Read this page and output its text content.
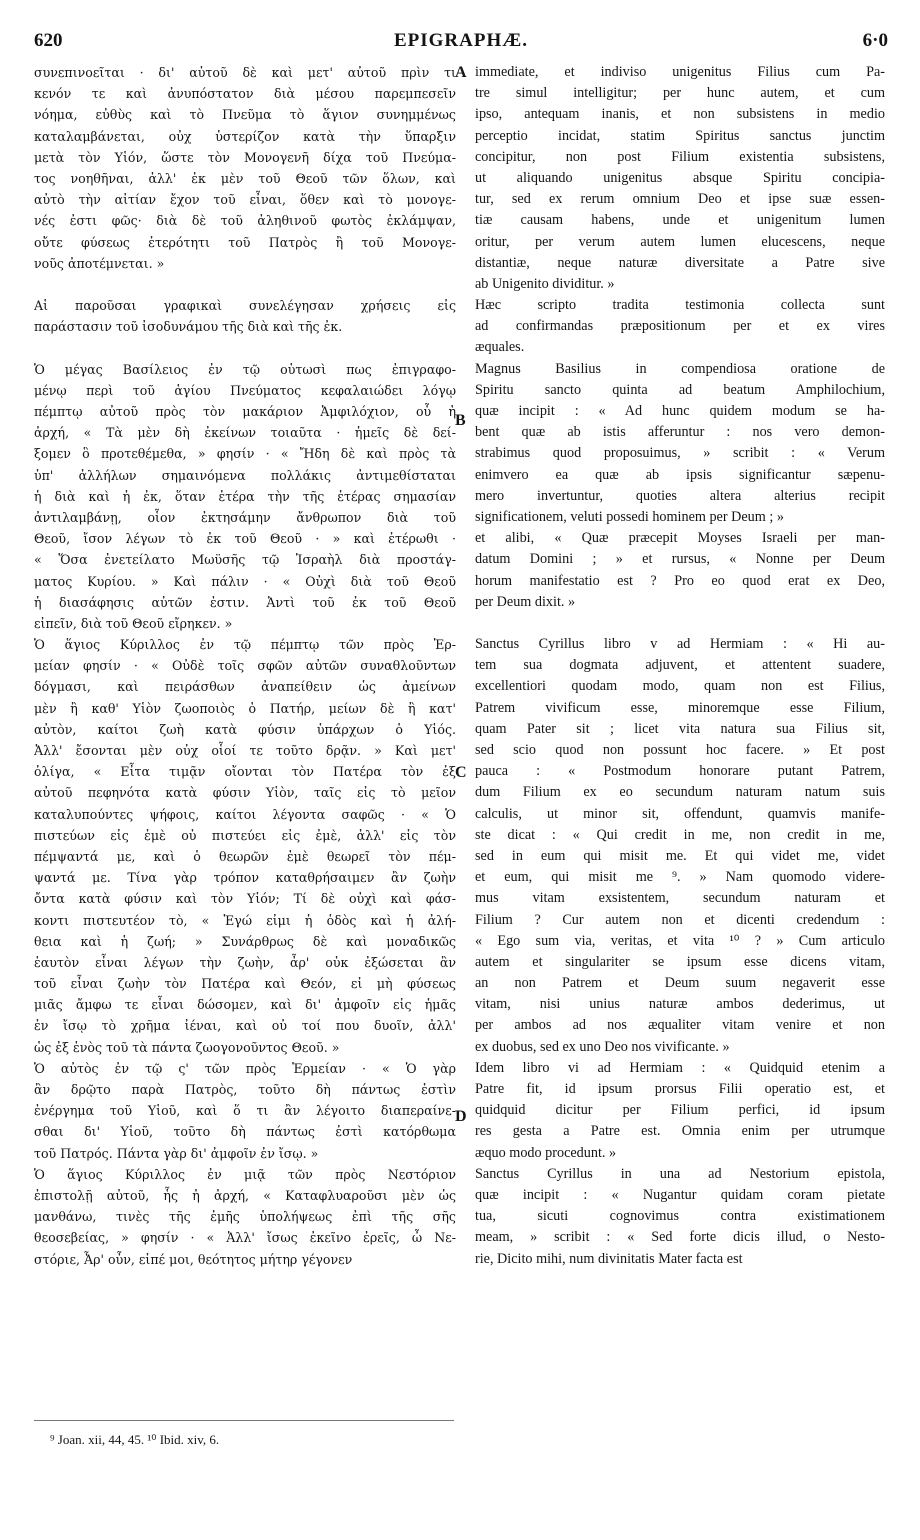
620	EPIGRAPHÆ.	6·0
συνεπινοεῖται · δι' αὐτοῦ δὲ καὶ μετ' αὐτοῦ πρὶν τι
κενόν τε καὶ ἀνυπόστατον διὰ μέσου παρεμπεσεῖν
νόημα, εὐθὺς καὶ τὸ Πνεῦμα τὸ ἅγιον συνημμένως
καταλαμβάνεται, οὐχ ὑστερίζον κατὰ τὴν ὕπαρξιν
μετὰ τὸν Υἱόν, ὥστε τὸν Μονογενῆ δίχα τοῦ Πνεύμα-
τος νοηθῆναι, ἀλλ' ἐκ μὲν τοῦ Θεοῦ τῶν ὅλων, καὶ
αὐτὸ τὴν αἰτίαν ἔχον τοῦ εἶναι, ὅθεν καὶ τὸ μονογε-
νές ἐστι φῶς· διὰ δὲ τοῦ ἀληθινοῦ φωτὸς ἐκλάμψαν,
οὔτε φύσεως ἑτερότητι τοῦ Πατρὸς ἢ τοῦ Μονογε-
νοῦς ἀποτέμνεται. »
Αἱ παροῦσαι γραφικαὶ συνελέγησαν χρήσεις εἰς
παράστασιν τοῦ ἰσοδυνάμου τῆς διὰ καὶ τῆς ἐκ.
Ὁ μέγας Βασίλειος ἐν τῷ οὑτωσὶ πως ἐπιγραφο-
μένῳ περὶ τοῦ ἁγίου Πνεύματος κεφαλαιώδει λόγῳ
πέμπτῳ αὐτοῦ πρὸς τὸν μακάριον Ἀμφιλόχιον, οὗ ἡ
ἀρχή, « Τὰ μὲν δὴ ἐκείνων τοιαῦτα · ἡμεῖς δὲ δεί-
ξομεν ὃ προτεθέμεθα, » φησίν · « Ἤδη δὲ καὶ πρὸς τὰ
ὑπ' ἀλλήλων σημαινόμενα πολλάκις ἀντιμεθίσταται
ἡ διὰ καὶ ἡ ἐκ, ὅταν ἑτέρα τὴν τῆς ἑτέρας σημασίαν
ἀντιλαμβάνῃ, οἷον ἐκτησάμην ἄνθρωπον διὰ τοῦ
Θεοῦ, ἴσον λέγων τὸ ἐκ τοῦ Θεοῦ · » καὶ ἑτέρωθι ·
« Ὅσα ἐνετείλατο Μωϋσῆς τῷ Ἰσραὴλ διὰ προστάγ-
ματος Κυρίου. » Καὶ πάλιν · « Οὐχὶ διὰ τοῦ Θεοῦ
ἡ διασάφησις αὐτῶν ἐστιν. Ἀντὶ τοῦ ἐκ τοῦ Θεοῦ
εἰπεῖν, διὰ τοῦ Θεοῦ εἴρηκεν. »
Ὁ ἅγιος Κύριλλος ἐν τῷ πέμπτῳ τῶν πρὸς Ἑρ-
μείαν φησίν · « Οὐδὲ τοῖς σφῶν αὐτῶν συναθλοῦντων
δόγμασι, καὶ πειράσθων ἀναπείθειν ὡς ἀμείνων
μὲν ἢ καθ' Υἱὸν ζωοποιὸς ὁ Πατήρ, μείων δὲ ἢ κατ'
αὐτὸν, καίτοι ζωὴ κατὰ φύσιν ὑπάρχων ὁ Υἱός.
Ἀλλ' ἔσονται μὲν οὐχ οἷοί τε τοῦτο δρᾷν. » Καὶ μετ'
ὀλίγα, « Εἶτα τιμᾷν οἴονται τὸν Πατέρα τὸν ἐξ
αὐτοῦ πεφηνότα κατὰ φύσιν Υἱὸν, ταῖς εἰς τὸ μεῖον
καταλυπούντες ψήφοις, καίτοι λέγοντα σαφῶς · « Ὁ
πιστεύων εἰς ἐμὲ οὐ πιστεύει εἰς ἐμὲ, ἀλλ' εἰς τὸν
πέμψαντά με, καὶ ὁ θεωρῶν ἐμὲ θεωρεῖ τὸν πέμ-
ψαντά με. Τίνα γὰρ τρόπον καταθρήσαιμεν ἂν ζωὴν
ὄντα κατὰ φύσιν καὶ τὸν Υἱόν; Τί δὲ οὐχὶ καὶ φάσ-
κοντι πιστευτέον τὸ, « Ἐγώ εἰμι ἡ ὁδὸς καὶ ἡ ἀλή-
θεια καὶ ἡ ζωή; » Συνάρθρως δὲ καὶ μοναδικῶς
ἑαυτὸν εἶναι λέγων τὴν ζωὴν, ἆρ' οὐκ ἐξώσεται ἂν
τοῦ εἶναι ζωὴν τὸν Πατέρα καὶ Θεόν, εἰ μὴ φύσεως
μιᾶς ἄμφω τε εἶναι δώσομεν, καὶ δι' ἀμφοῖν εἰς ἡμᾶς
ἐν ἴσῳ τὸ χρῆμα ἰέναι, καὶ οὐ τοί που δυοῖν, ἀλλ'
ὡς ἐξ ἑνὸς τοῦ τὰ πάντα ζωογονοῦντος Θεοῦ. »
Ὁ αὐτὸς ἐν τῷ ς' τῶν πρὸς Ἑρμείαν · « Ὁ γὰρ
ἂν δρῷτο παρὰ Πατρὸς, τοῦτο δὴ πάντως ἐστὶν
ἐνέργημα τοῦ Υἱοῦ, καὶ ὅ τι ἂν λέγοιτο διαπεραίνε-
σθαι δι' Υἱοῦ, τοῦτο δὴ πάντως ἐστὶ κατόρθωμα
τοῦ Πατρός. Πάντα γὰρ δι' ἀμφοῖν ἐν ἴσῳ. »
Ὁ ἅγιος Κύριλλος ἐν μιᾷ τῶν πρὸς Νεστόριον
ἐπιστολῇ αὐτοῦ, ἧς ἡ ἀρχή, « Καταφλυαροῦσι μὲν ὡς
μανθάνω, τινὲς τῆς ἐμῆς ὑπολήψεως ἐπὶ τῆς σῆς
θεοσεβείας, » φησίν · « Ἀλλ' ἴσως ἐκεῖνο ἐρεῖς, ὦ Νε-
στόριε, Ἆρ' οὖν, εἰπέ μοι, θεότητος μήτηρ γέγονεν
immediate, et indiviso unigenitus Filius cum Pa-
tre simul intelligitur; per hunc autem, et cum
ipso, antequam inanis, et non subsistens in medio
perceptio incidat, statim Spiritus sanctus junctim
concipitur, non post Filium existentia subsistens,
ut aliquando unigenitus absque Spiritu concipia-
tur, sed ex rerum omnium Deo et ipse suæ essen-
tiæ causam habens, unde et unigenitum lumen
oritur, per verum autem lumen elucescens, neque
distantiæ, neque naturæ diversitate a Patre sive
ab Unigenito dividitur. »
Hæc scripto tradita testimonia collecta sunt
ad confirmandas præpositionum per et ex vires
æquales.
Magnus Basilius in compendiosa oratione de
Spiritu sancto quinta ad beatum Amphilochium,
quæ incipit : « Ad hunc quidem modum se ha-
bent quæ ab istis afferuntur : nos vero demon-
strabimus quod proposuimus, » scribit : « Verum
enimvero ea quæ ab ipsis significantur sæpenu-
mero invertuntur, quoties altera alterius recipit
significationem, veluti possedi hominem per Deum ; »
et alibi, « Quæ præcepit Moyses Israeli per man-
datum Domini ; » et rursus, « Nonne per Deum
horum manifestatio est ? Pro eo quod erat ex Deo,
per Deum dixit. »
Sanctus Cyrillus libro v ad Hermiam : « Hi au-
tem sua dogmata adjuvent, et attentent suadere,
excellentiori quodam modo, quam non est Filius,
Patrem vivificum esse, minoremque esse Filium,
quam Pater sit ; licet vita natura sua Filius sit,
sed scio quod non possunt hoc facere. » Et post
pauca : « Postmodum honorare putant Patrem,
dum Filium ex eo secundum naturam natum suis
calculis, ut minor sit, offendunt, quamvis manife-
ste dicat : « Qui credit in me, non credit in me,
sed in eum qui misit me. Et qui videt me, videt
et eum, qui misit me ⁹. » Nam quomodo videre-
mus vitam exsistentem, secundum naturam et
Filium ? Cur autem non et dicenti credendum :
« Ego sum via, veritas, et vita ¹⁰ ? » Cum articulo
autem et singulariter se ipsum esse dicens vitam,
an non Patrem et Deum suum negaverit esse
vitam, nisi unius naturæ ambos dederimus, ut
per ambos ad nos æqualiter vitam venire et non
ex duobus, sed ex uno Deo nos vivificante. »
Idem libro vi ad Hermiam : « Quidquid etenim a
Patre fit, id ipsum prorsus Filii operatio est, et
quidquid dicitur per Filium perfici, id ipsum
res gesta a Patre est. Omnia enim per utrumque
æquo modo procedunt. »
Sanctus Cyrillus in una ad Nestorium epistola,
quæ incipit : « Nugantur quidam coram pietate
tua, sicuti cognovimus contra existimationem
meam, » scribit : « Sed forte dicis illud, o Nesto-
rie, Dicito mihi, num divinitatis Mater facta est
A
B
C
D
⁹ Joan. xii, 44, 45. ¹⁰ Ibid. xiv, 6.
